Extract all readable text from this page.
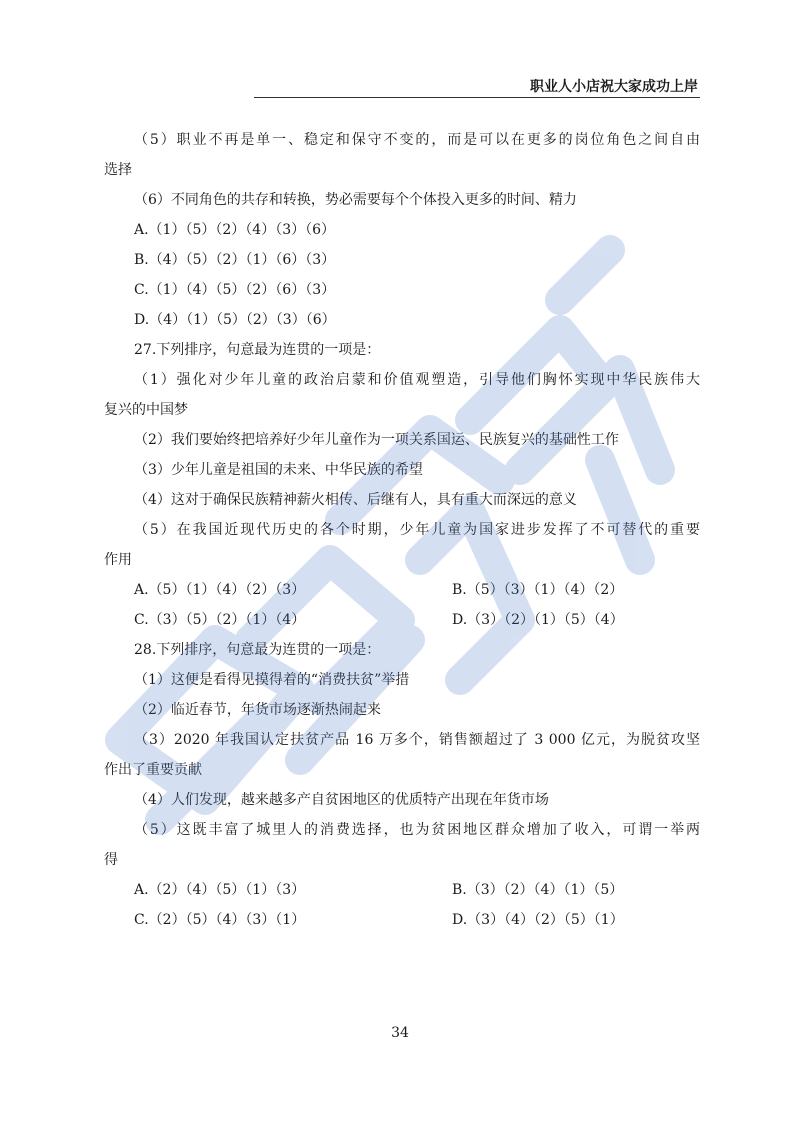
职业人小店祝大家成功上岸
（5）职业不再是单一、稳定和保守不变的，而是可以在更多的岗位角色之间自由
选择
（6）不同角色的共存和转换，势必需要每个个体投入更多的时间、精力
A.（1）（5）（2）（4）（3）（6）
B.（4）（5）（2）（1）（6）（3）
C.（1）（4）（5）（2）（6）（3）
D.（4）（1）（5）（2）（3）（6）
27.下列排序，句意最为连贯的一项是：
（1）强化对少年儿童的政治启蒙和价值观塑造，引导他们胸怀实现中华民族伟大
复兴的中国梦
（2）我们要始终把培养好少年儿童作为一项关系国运、民族复兴的基础性工作
（3）少年儿童是祖国的未来、中华民族的希望
（4）这对于确保民族精神薪火相传、后继有人，具有重大而深远的意义
（5）在我国近现代历史的各个时期，少年儿童为国家进步发挥了不可替代的重要
作用
A.（5）（1）（4）（2）（3）	B.（5）（3）（1）（4）（2）
C.（3）（5）（2）（1）（4）	D.（3）（2）（1）（5）（4）
28.下列排序，句意最为连贯的一项是：
（1）这便是看得见摸得着的“消费扶贫”举措
（2）临近春节，年货市场逐渐热闹起来
（3）2020 年我国认定扶贫产品 16 万多个，销售额超过了 3 000 亿元，为脱贫攻坚
作出了重要贡献
（4）人们发现，越来越多产自贫困地区的优质特产出现在年货市场
（5）这既丰富了城里人的消费选择，也为贫困地区群众增加了收入，可谓一举两
得
A.（2）（4）（5）（1）（3）	B.（3）（2）（4）（1）（5）
C.（2）（5）（4）（3）（1）	D.（3）（4）（2）（5）（1）
34
